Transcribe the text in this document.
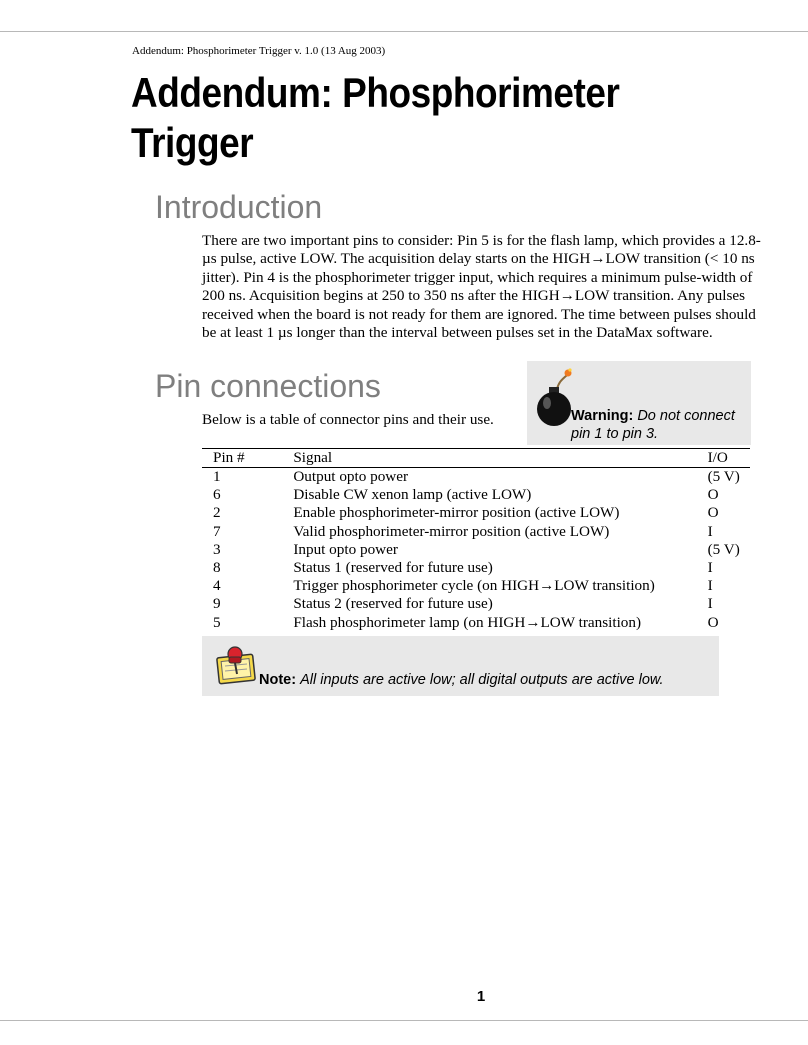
Addendum: Phosphorimeter Trigger v. 1.0 (13 Aug 2003)
Addendum: Phosphorimeter Trigger
Introduction

There are two important pins to consider: Pin 5 is for the flash lamp, which provides a 12.8-µs pulse, active LOW. The acquisition delay starts on the HIGH→LOW transition (< 10 ns jitter). Pin 4 is the phosphorimeter trigger input, which requires a minimum pulse-width of 200 ns. Acquisition begins at 250 to 350 ns after the HIGH→LOW transition. Any pulses received when the board is not ready for them are ignored. The time between pulses should be at least 1 µs longer than the interval between pulses set in the DataMax software.

Pin connections

Below is a table of connector pins and their use.	Warning: Do not connect pin 1 to pin 3.
Pin #	Signal	I/O
1	Output opto power	(5 V)
6	Disable CW xenon lamp (active LOW)	O
2	Enable phosphorimeter-mirror position (active LOW)	O
7	Valid phosphorimeter-mirror position (active LOW)	I
3	Input opto power	(5 V)
8	Status 1 (reserved for future use)	I
4	Trigger phosphorimeter cycle (on HIGH→LOW transition)	I
9	Status 2 (reserved for future use)	I
5	Flash phosphorimeter lamp (on HIGH→LOW transition)	O
Note: All inputs are active low; all digital outputs are active low.
1
